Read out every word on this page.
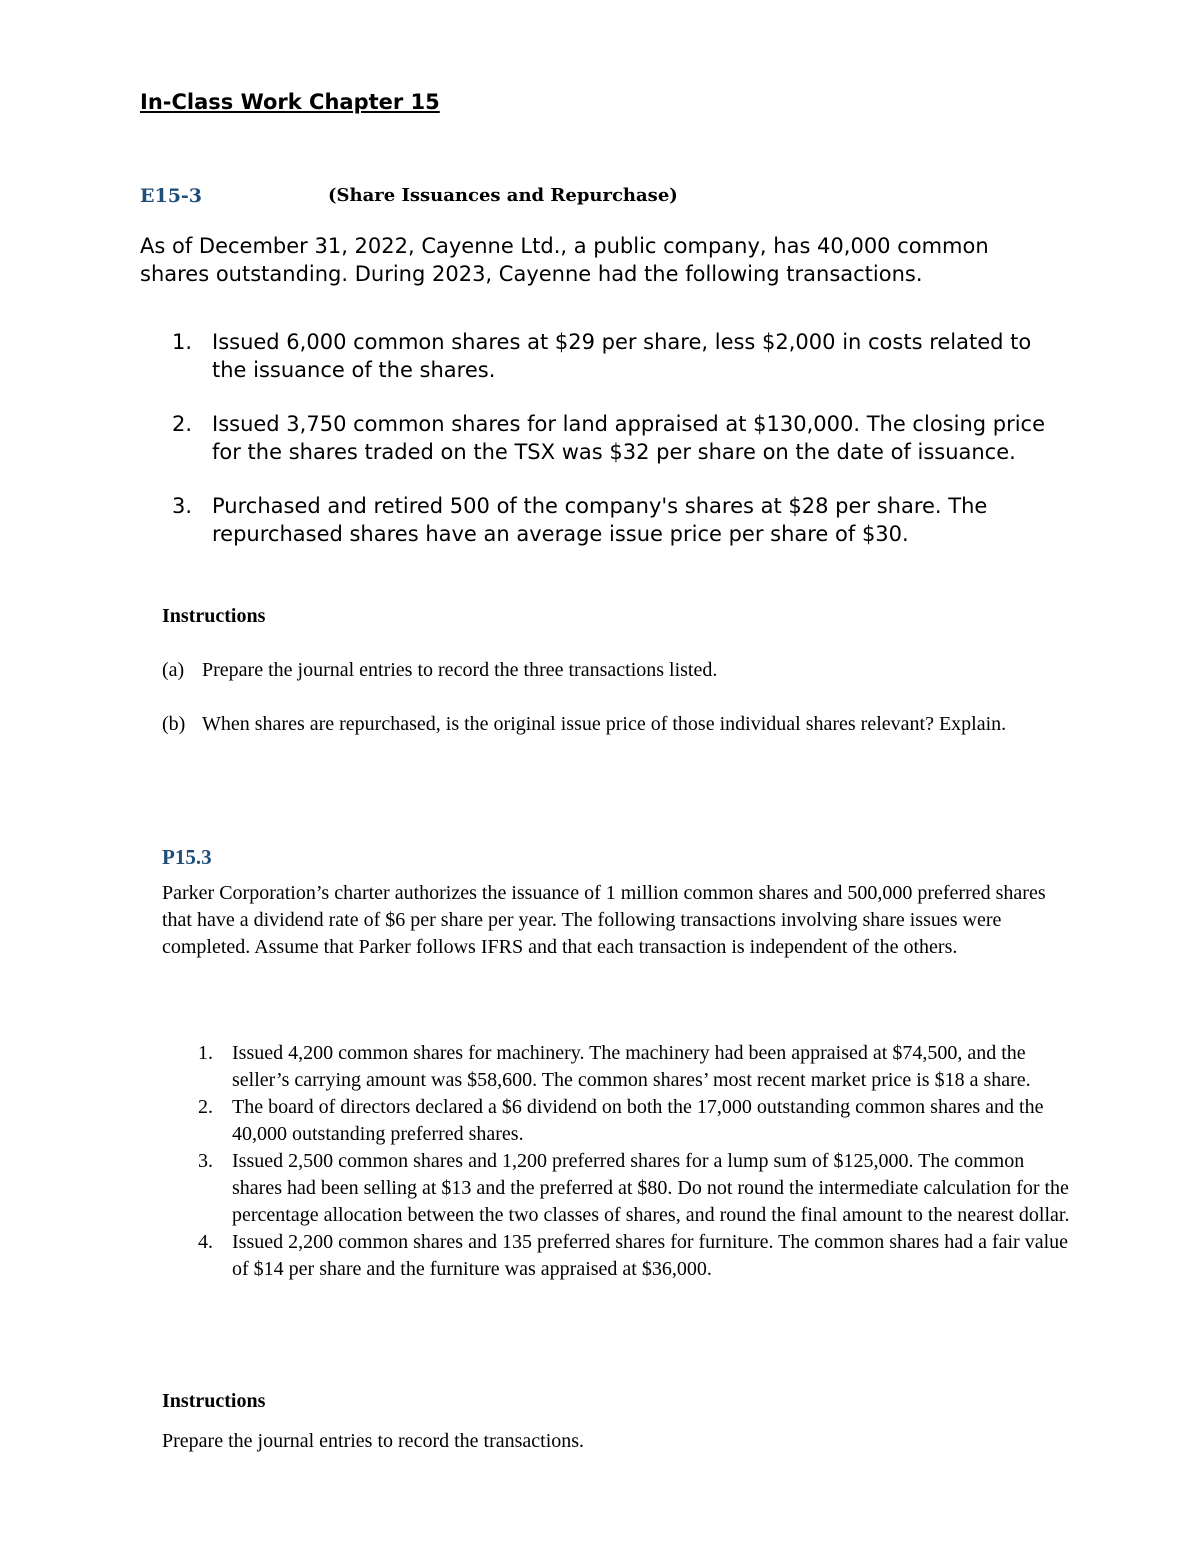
In-Class Work Chapter 15
E15-3	(Share Issuances and Repurchase)

As of December 31, 2022, Cayenne Ltd., a public company, has 40,000 common shares outstanding. During 2023, Cayenne had the following transactions.

1. Issued 6,000 common shares at $29 per share, less $2,000 in costs related to the issuance of the shares.
2. Issued 3,750 common shares for land appraised at $130,000. The closing price for the shares traded on the TSX was $32 per share on the date of issuance.
3. Purchased and retired 500 of the company's shares at $28 per share. The repurchased shares have an average issue price per share of $30.
Instructions
(a) Prepare the journal entries to record the three transactions listed.
(b) When shares are repurchased, is the original issue price of those individual shares relevant? Explain.
P15.3

Parker Corporation’s charter authorizes the issuance of 1 million common shares and 500,000 preferred shares that have a dividend rate of $6 per share per year. The following transactions involving share issues were completed. Assume that Parker follows IFRS and that each transaction is independent of the others.

1. Issued 4,200 common shares for machinery. The machinery had been appraised at $74,500, and the seller’s carrying amount was $58,600. The common shares’ most recent market price is $18 a share.
2. The board of directors declared a $6 dividend on both the 17,000 outstanding common shares and the 40,000 outstanding preferred shares.
3. Issued 2,500 common shares and 1,200 preferred shares for a lump sum of $125,000. The common shares had been selling at $13 and the preferred at $80. Do not round the intermediate calculation for the percentage allocation between the two classes of shares, and round the final amount to the nearest dollar.
4. Issued 2,200 common shares and 135 preferred shares for furniture. The common shares had a fair value of $14 per share and the furniture was appraised at $36,000.
Instructions

Prepare the journal entries to record the transactions.
